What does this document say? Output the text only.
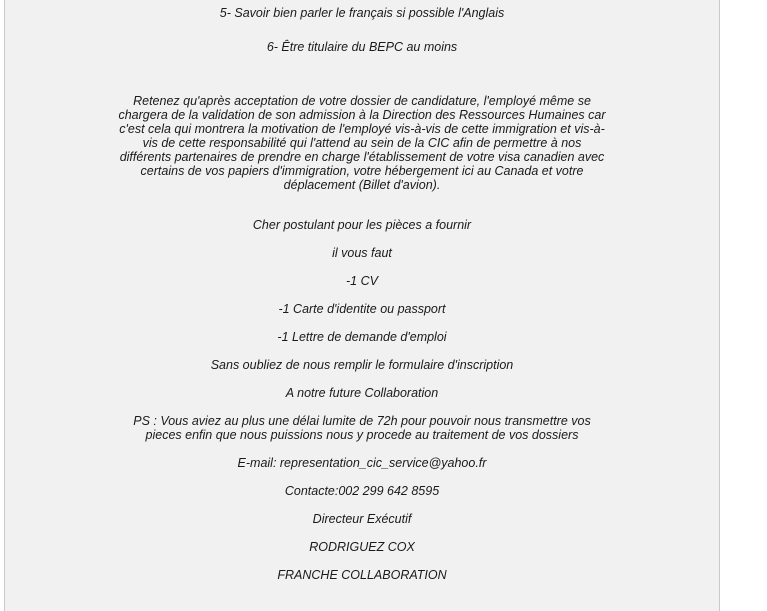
5- Savoir bien parler le français si possible l'Anglais

6- Être titulaire du BEPC au moins

Retenez qu'après acceptation de votre dossier de candidature, l'employé même se chargera de la validation de son admission à la Direction des Ressources Humaines car c'est cela qui montrera la motivation de l'employé vis-à-vis de cette immigration et vis-à-vis de cette responsabilité qui l'attend au sein de la CIC afin de permettre à nos différents partenaires de prendre en charge l'établissement de votre visa canadien avec certains de vos papiers d'immigration, votre hébergement ici au Canada et votre déplacement (Billet d'avion).

Cher postulant pour les pièces a fournir

il vous faut

-1 CV

-1 Carte d'identite ou passport

-1 Lettre de demande d'emploi

Sans oubliez de nous remplir le formulaire d'inscription

A notre future Collaboration

PS : Vous aviez au plus une délai lumite de 72h pour pouvoir nous transmettre vos pieces enfin que nous puissions nous y procede au traitement de vos dossiers

E-mail: representation_cic_service@yahoo.fr

Contacte:002 299 642 8595

Directeur Exécutif

RODRIGUEZ COX

FRANCHE COLLABORATION
